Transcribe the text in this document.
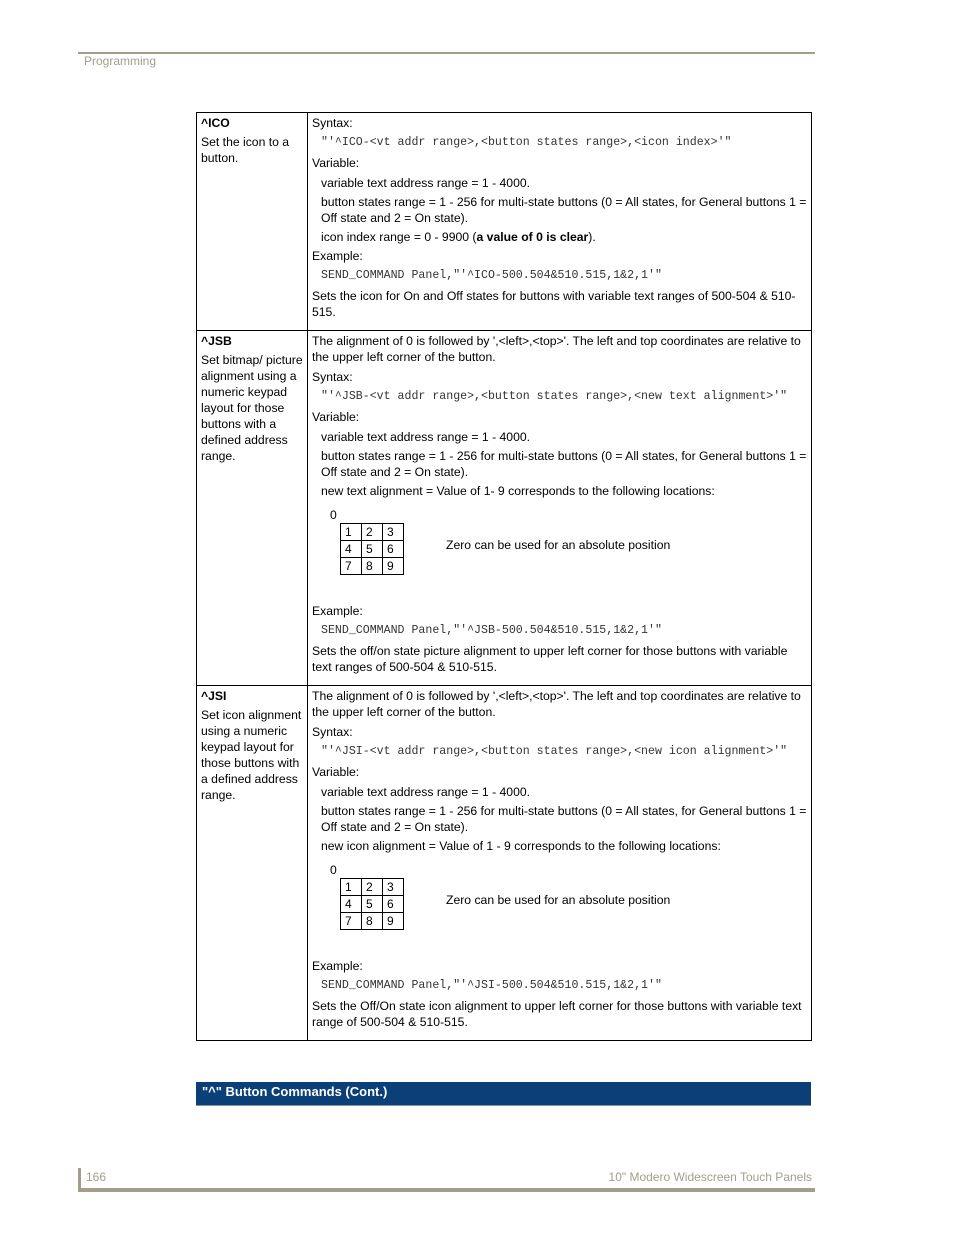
Programming
^ICO
Set the icon to a button.

Syntax:
"'^ICO-<vt addr range>,<button states range>,<icon index>'"
Variable:
variable text address range = 1 - 4000.
button states range = 1 - 256 for multi-state buttons (0 = All states, for General buttons 1 = Off state and 2 = On state).
icon index range = 0 - 9900 (a value of 0 is clear).
Example:
SEND_COMMAND Panel,"'^ICO-500.504&510.515,1&2,1'"
Sets the icon for On and Off states for buttons with variable text ranges of 500-504 & 510-515.

^JSB
Set bitmap/ picture alignment using a numeric keypad layout for those buttons with a defined address range.

The alignment of 0 is followed by ',<left>,<top>'. The left and top coordinates are relative to the upper left corner of the button.
Syntax:
"'^JSB-<vt addr range>,<button states range>,<new text alignment>'"
Variable:
variable text address range = 1 - 4000.
button states range = 1 - 256 for multi-state buttons (0 = All states, for General buttons 1 = Off state and 2 = On state).
new text alignment = Value of 1- 9 corresponds to the following locations:
0
1	2	3
4	5	6
7	8	9
Zero can be used for an absolute position
Example:
SEND_COMMAND Panel,"'^JSB-500.504&510.515,1&2,1'"
Sets the off/on state picture alignment to upper left corner for those buttons with variable text ranges of 500-504 & 510-515.

^JSI
Set icon alignment using a numeric keypad layout for those buttons with a defined address range.

The alignment of 0 is followed by ',<left>,<top>'. The left and top coordinates are relative to the upper left corner of the button.
Syntax:
"'^JSI-<vt addr range>,<button states range>,<new icon alignment>'"
Variable:
variable text address range = 1 - 4000.
button states range = 1 - 256 for multi-state buttons (0 = All states, for General buttons 1 = Off state and 2 = On state).
new icon alignment = Value of 1 - 9 corresponds to the following locations:
0
1	2	3
4	5	6
7	8	9
Zero can be used for an absolute position
Example:
SEND_COMMAND Panel,"'^JSI-500.504&510.515,1&2,1'"
Sets the Off/On state icon alignment to upper left corner for those buttons with variable text range of 500-504 & 510-515.
"^" Button Commands (Cont.)
166	10" Modero Widescreen Touch Panels
